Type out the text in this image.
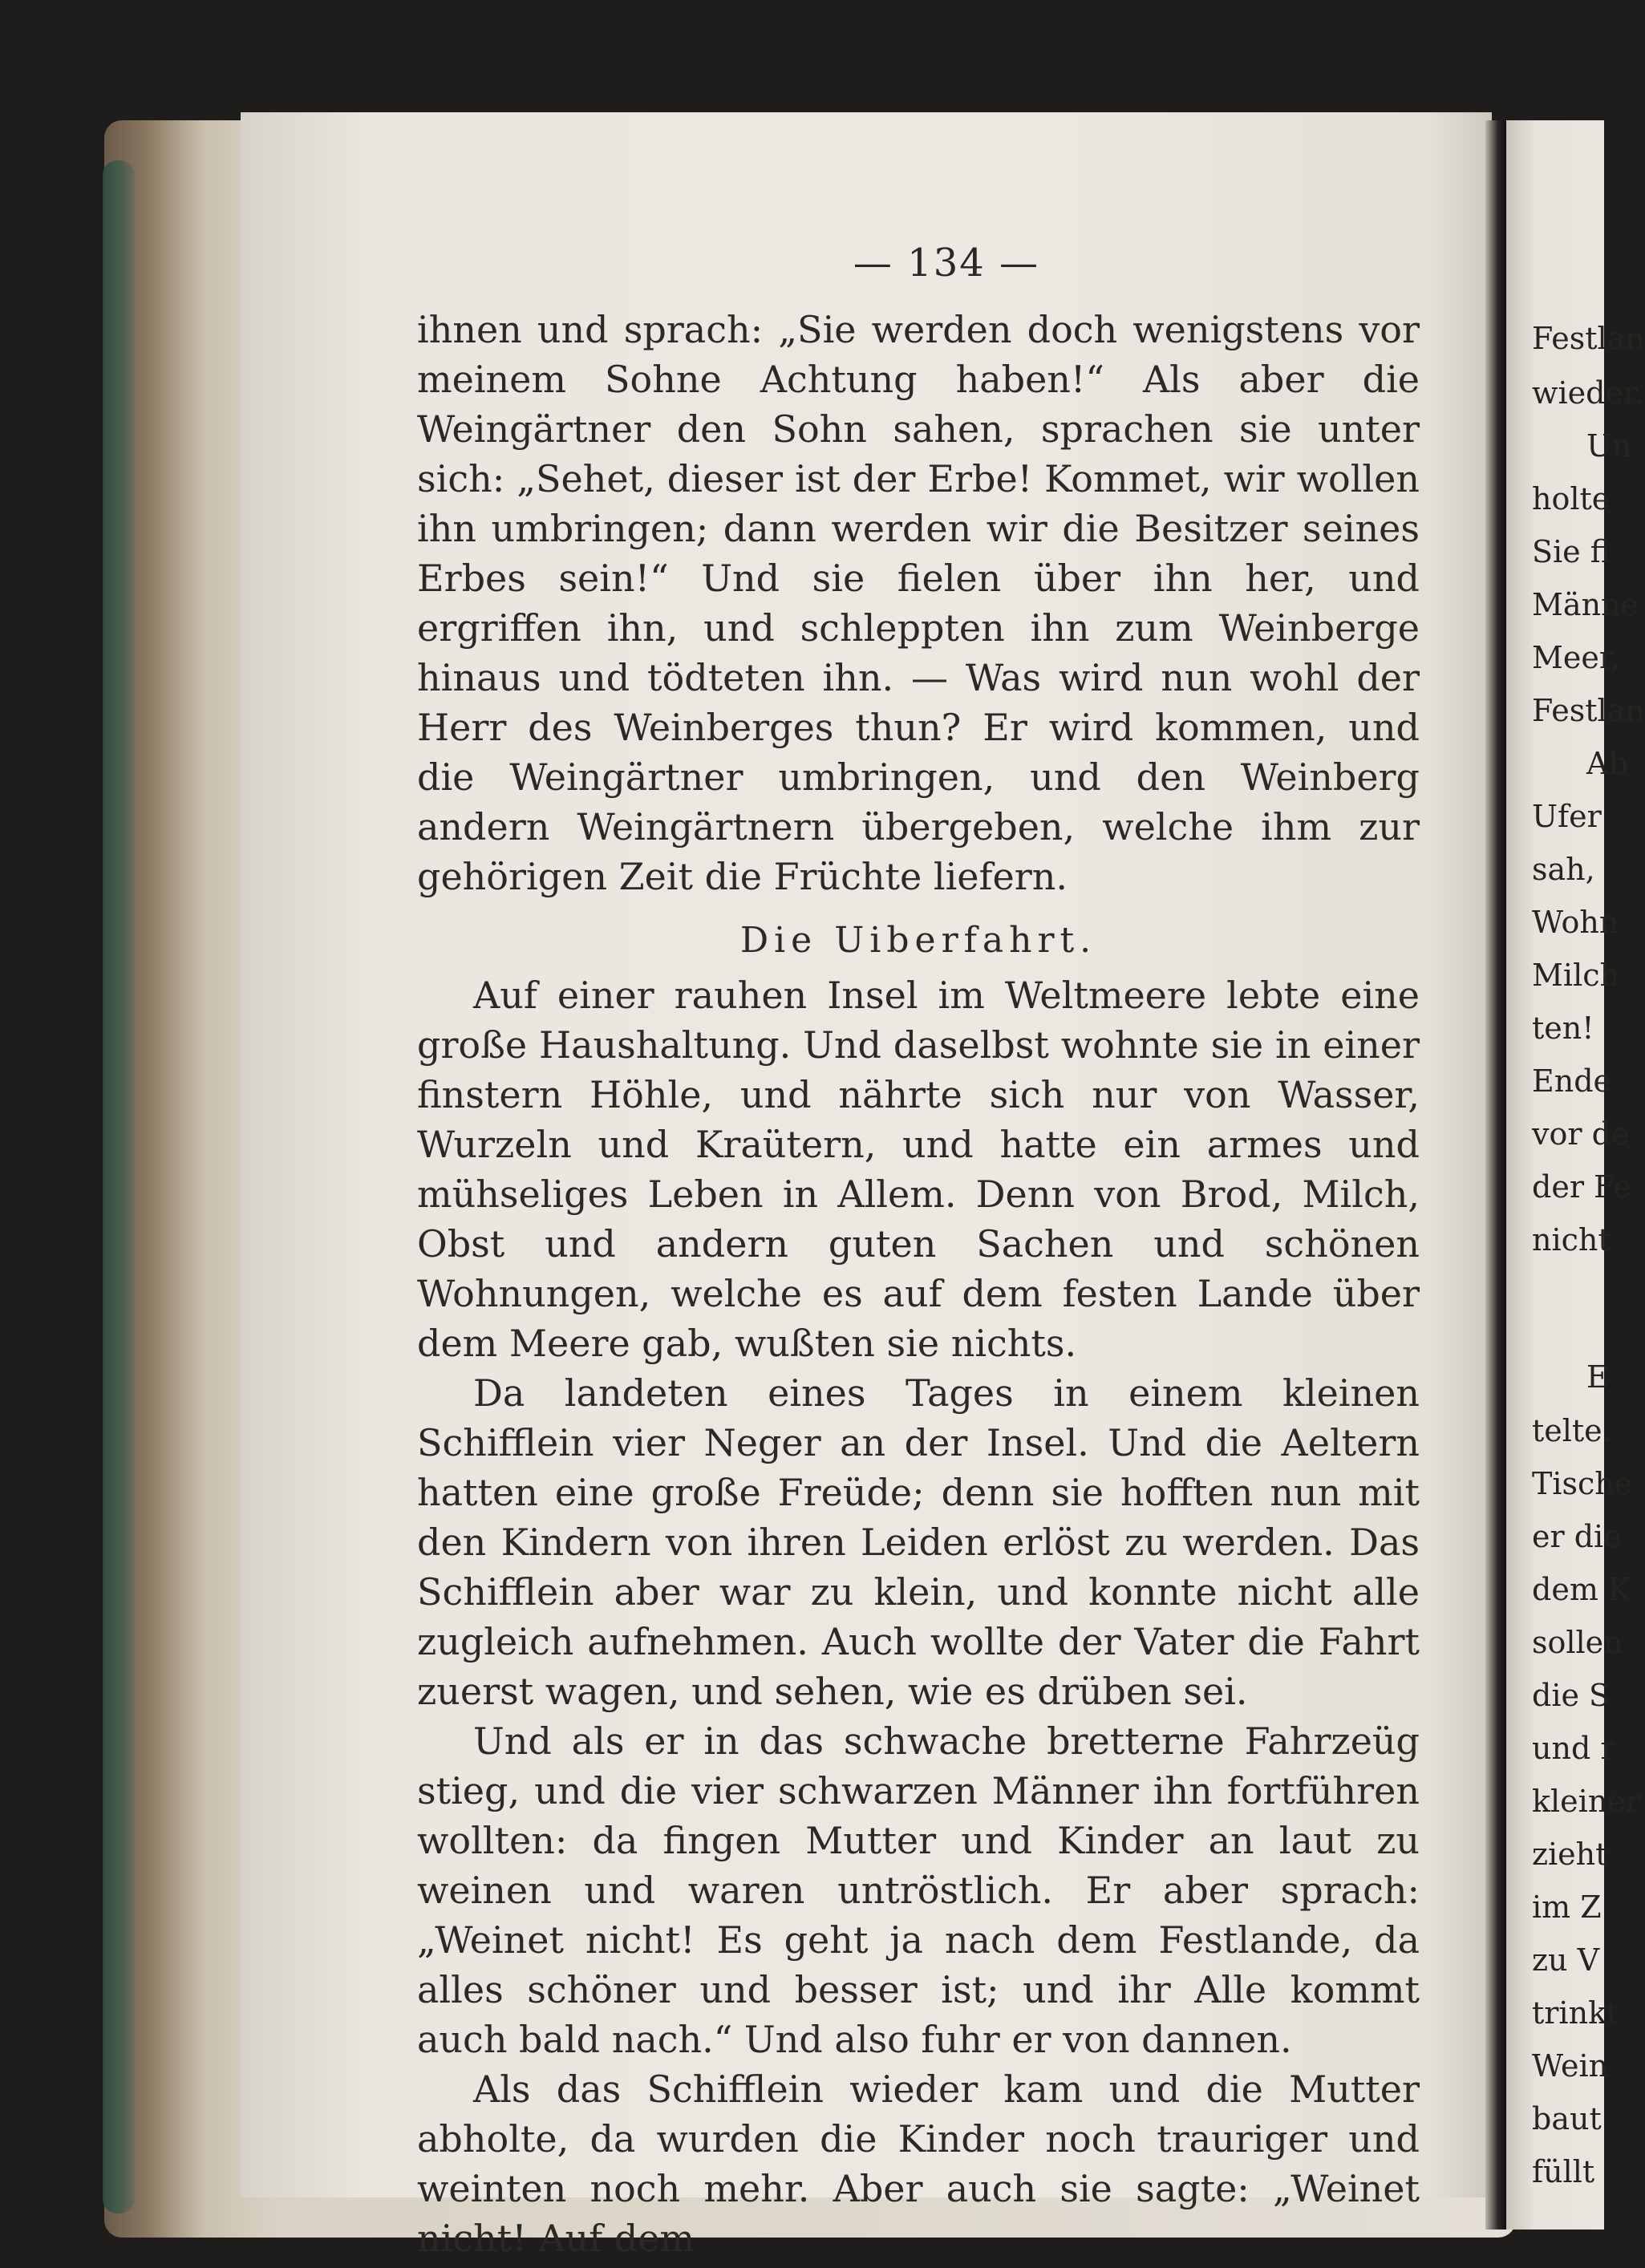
Festlan
wieder.
Un
holte
Sie fi
Männe
Meer,
Festlan
Ab
Ufer
sah,
Wohn
Milch
ten!
Ende
vor de
der Fe
nicht
E
telte.
Tische
er die
dem K
sollen
die S
und r
kleiner
zieht
im Z
zu V
trinkt
Wein
baut
füllt
— 134 —

ihnen und sprach: „Sie werden doch wenigstens vor meinem Sohne Achtung haben!“ Als aber die Weingärtner den Sohn sahen, sprachen sie unter sich: „Sehet, dieser ist der Erbe! Kommet, wir wollen ihn umbringen; dann werden wir die Besitzer seines Erbes sein!“ Und sie fielen über ihn her, und ergriffen ihn, und schleppten ihn zum Weinberge hinaus und tödteten ihn. — Was wird nun wohl der Herr des Weinberges thun? Er wird kommen, und die Weingärtner umbringen, und den Weinberg andern Weingärtnern übergeben, welche ihm zur gehörigen Zeit die Früchte liefern.

Die Uiberfahrt.

Auf einer rauhen Insel im Weltmeere lebte eine große Haushaltung. Und daselbst wohnte sie in einer finstern Höhle, und nährte sich nur von Wasser, Wurzeln und Kraütern, und hatte ein armes und mühseliges Leben in Allem. Denn von Brod, Milch, Obst und andern guten Sachen und schönen Wohnungen, welche es auf dem festen Lande über dem Meere gab, wußten sie nichts.

Da landeten eines Tages in einem kleinen Schifflein vier Neger an der Insel. Und die Aeltern hatten eine große Freüde; denn sie hofften nun mit den Kindern von ihren Leiden erlöst zu werden. Das Schifflein aber war zu klein, und konnte nicht alle zugleich aufnehmen. Auch wollte der Vater die Fahrt zuerst wagen, und sehen, wie es drüben sei.

Und als er in das schwache bretterne Fahrzeüg stieg, und die vier schwarzen Männer ihn fortführen wollten: da fingen Mutter und Kinder an laut zu weinen und waren untröstlich. Er aber sprach: „Weinet nicht! Es geht ja nach dem Festlande, da alles schöner und besser ist; und ihr Alle kommt auch bald nach.“ Und also fuhr er von dannen.

Als das Schifflein wieder kam und die Mutter abholte, da wurden die Kinder noch trauriger und weinten noch mehr. Aber auch sie sagte: „Weinet nicht! Auf dem
